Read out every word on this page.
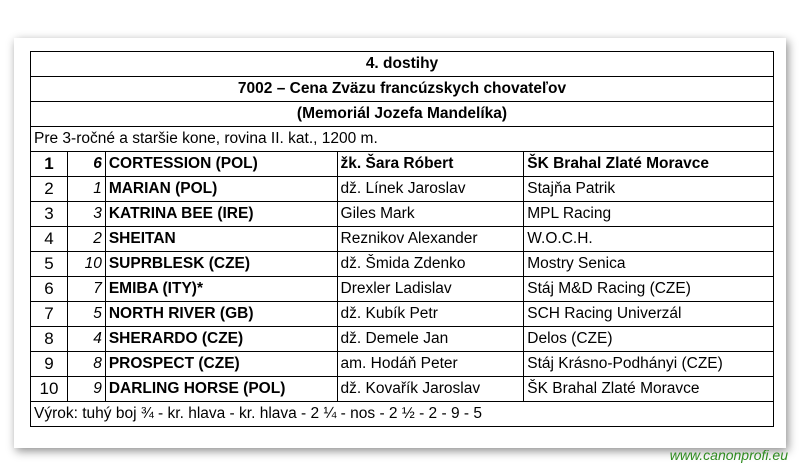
4. dostihy				
7002 – Cena Zväzu francúzskych chovateľov				
(Memoriál Jozefa Mandelíka)				
Pre 3-ročné a staršie kone, rovina II. kat., 1200 m.				
1	6	CORTESSION (POL)	žk. Šara Róbert	ŠK Brahal Zlaté Moravce
2	1	MARIAN (POL)	dž. Línek Jaroslav	Stajňa Patrik
3	3	KATRINA BEE (IRE)	Giles Mark	MPL Racing
4	2	SHEITAN	Reznikov Alexander	W.O.C.H.
5	10	SUPRBLESK (CZE)	dž. Šmida Zdenko	Mostry Senica
6	7	EMIBA (ITY)*	Drexler Ladislav	Stáj M&D Racing (CZE)
7	5	NORTH RIVER (GB)	dž. Kubík Petr	SCH Racing Univerzál
8	4	SHERARDO (CZE)	dž. Demele Jan	Delos (CZE)
9	8	PROSPECT (CZE)	am. Hodáň Peter	Stáj Krásno-Podhányi (CZE)
10	9	DARLING HORSE (POL)	dž. Kovařík Jaroslav	ŠK Brahal Zlaté Moravce
Výrok: tuhý boj ¾ - kr. hlava - kr. hlava - 2 ¼ - nos - 2 ½ - 2 - 9 - 5				
www.canonprofi.eu
